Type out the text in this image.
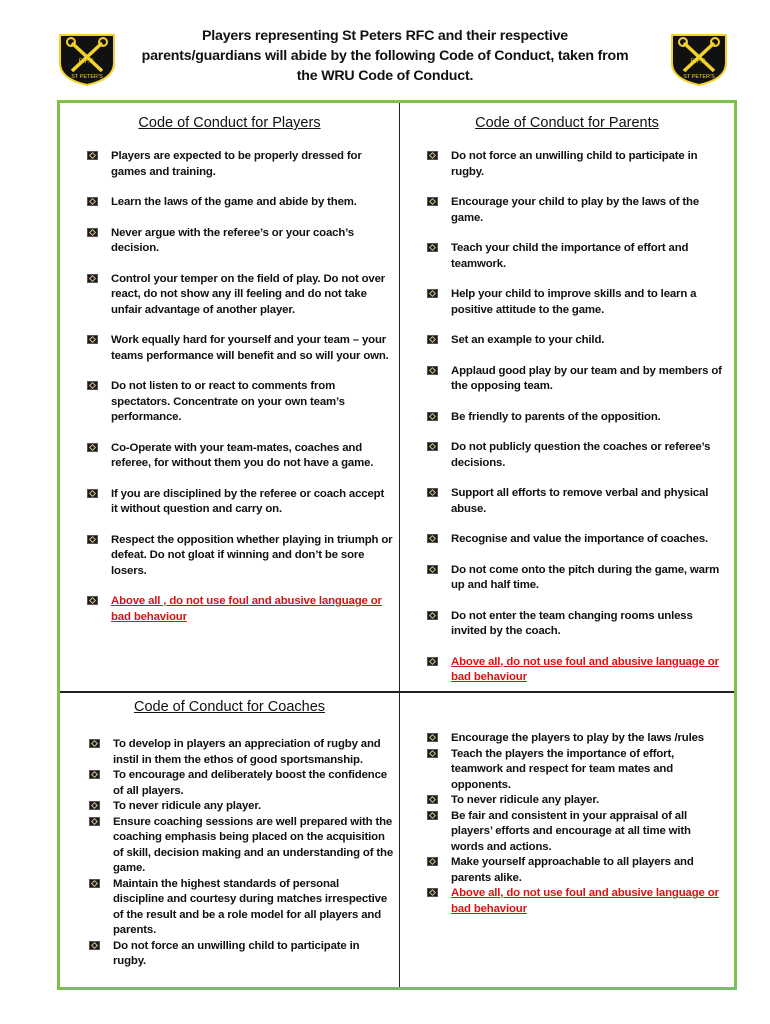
R.F.C.
ST PETER'S
Players representing St Peters RFC and their respective
parents/guardians will abide by the following Code of Conduct, taken from
the WRU Code of Conduct.
R.F.C.
ST PETER'S
Code of Conduct for Players
Players are expected to be properly dressed for games and training.
Learn the laws of the game and abide by them.
Never argue with the referee’s or your coach’s decision.
Control your temper on the field of play. Do not over react, do not show any ill feeling and do not take unfair advantage of another player.
Work equally hard for yourself and your team – your teams performance will benefit and so will your own.
Do not listen to or react to comments from spectators. Concentrate on your own team’s performance.
Co-Operate with your team-mates, coaches and referee, for without them you do not have a game.
If you are disciplined by the referee or coach accept it without question and carry on.
Respect the opposition whether playing in triumph or defeat. Do not gloat if winning and don’t be sore losers.
Above all , do not use foul and abusive language or bad behaviour
Code of Conduct for Parents
Do not force an unwilling child to participate in rugby.
Encourage your child to play by the laws of the game.
Teach your child the importance of effort and teamwork.
Help your child to improve skills and to learn a positive attitude to the game.
Set an example to your child.
Applaud good play by our team and by members of the opposing team.
Be friendly to parents of the opposition.
Do not publicly question the coaches or referee’s decisions.
Support all efforts to remove verbal and physical abuse.
Recognise and value the importance of coaches.
Do not come onto the pitch during the game, warm up and half time.
Do not enter the team changing rooms unless invited by the coach.
Above all, do not use foul and abusive language or bad behaviour
Code of Conduct for Coaches
To develop in players an appreciation of rugby and instil in them the ethos of good sportsmanship.
To encourage and deliberately boost the confidence of all players.
To never ridicule any player.
Ensure coaching sessions are well prepared with the coaching emphasis being placed on the acquisition of skill, decision making and an understanding of the game.
Maintain the highest standards of personal discipline and courtesy during matches irrespective of the result and be a role model for all players and parents.
Do not force an unwilling child to participate in rugby.
Encourage the players to play by the laws /rules
Teach the players the importance of effort, teamwork and respect for team mates and opponents.
To never ridicule any player.
Be fair and consistent in your appraisal of all players’ efforts and encourage at all time with words and actions.
Make yourself approachable to all players and parents alike.
Above all, do not use foul and abusive language or bad behaviour
